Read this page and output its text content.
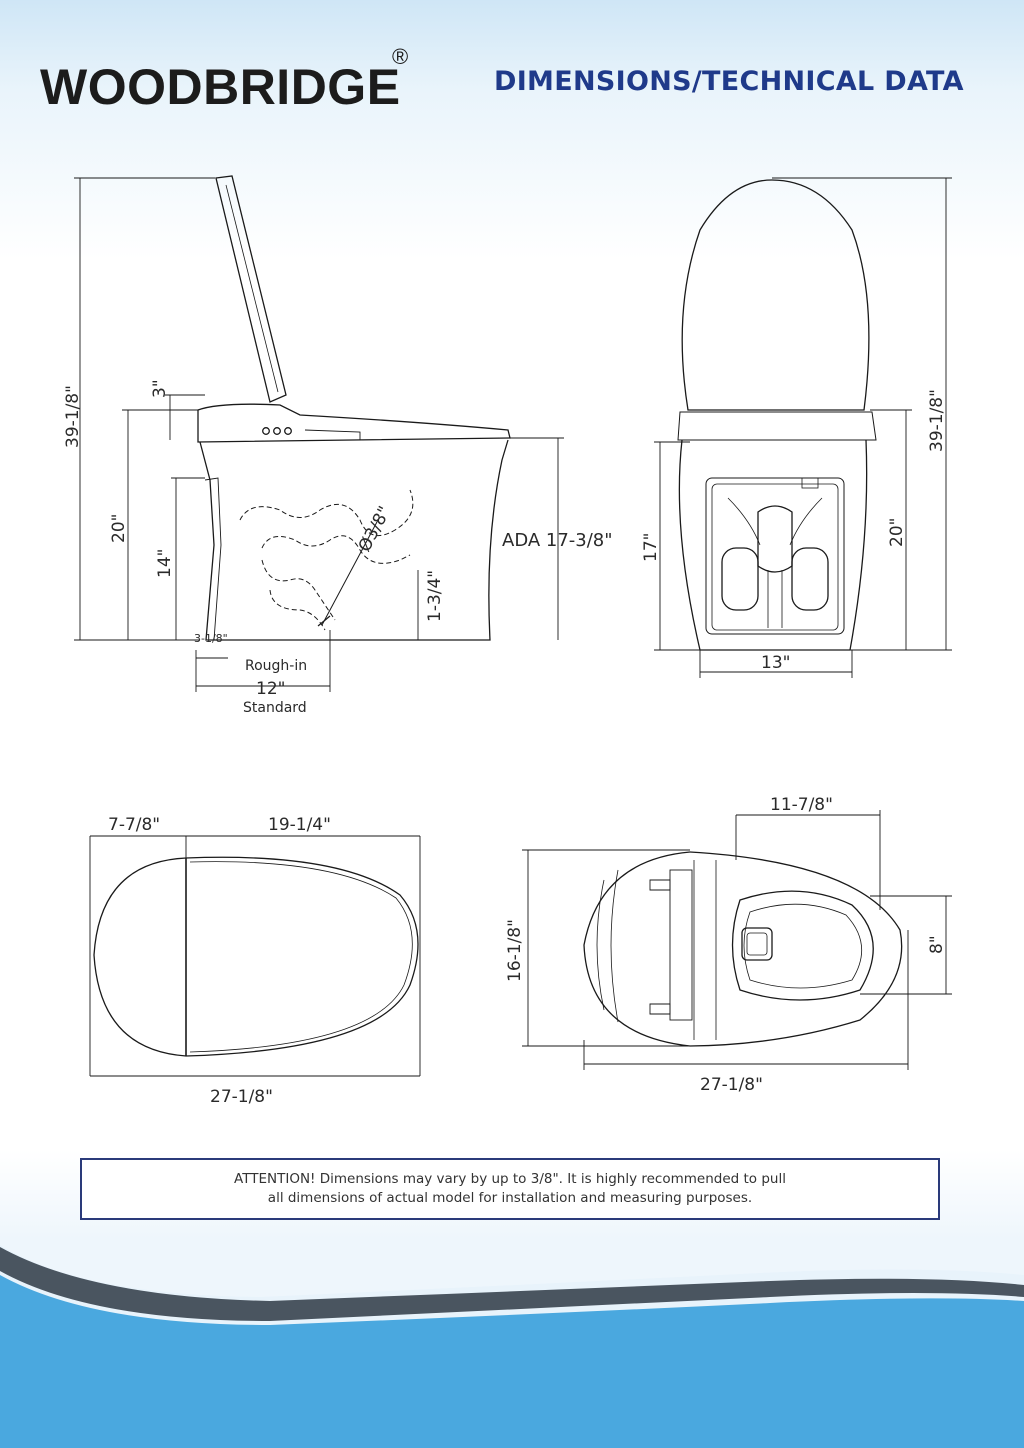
WOODBRIDGE
®
DIMENSIONS/TECHNICAL DATA
39-1/8"	3"
20"
14"
1-3/4"
Ø3/8"	ADA 17-3/8"
12"
3-1/8"
Rough-in
Standard
17"
39-1/8"
20"
13"
7-7/8"	19-1/4"
27-1/8"
11-7/8"
16-1/8"	8"
27-1/8"
ATTENTION! Dimensions may vary by up to 3/8". It is highly recommended to pull
all dimensions of actual model for installation and measuring purposes.
